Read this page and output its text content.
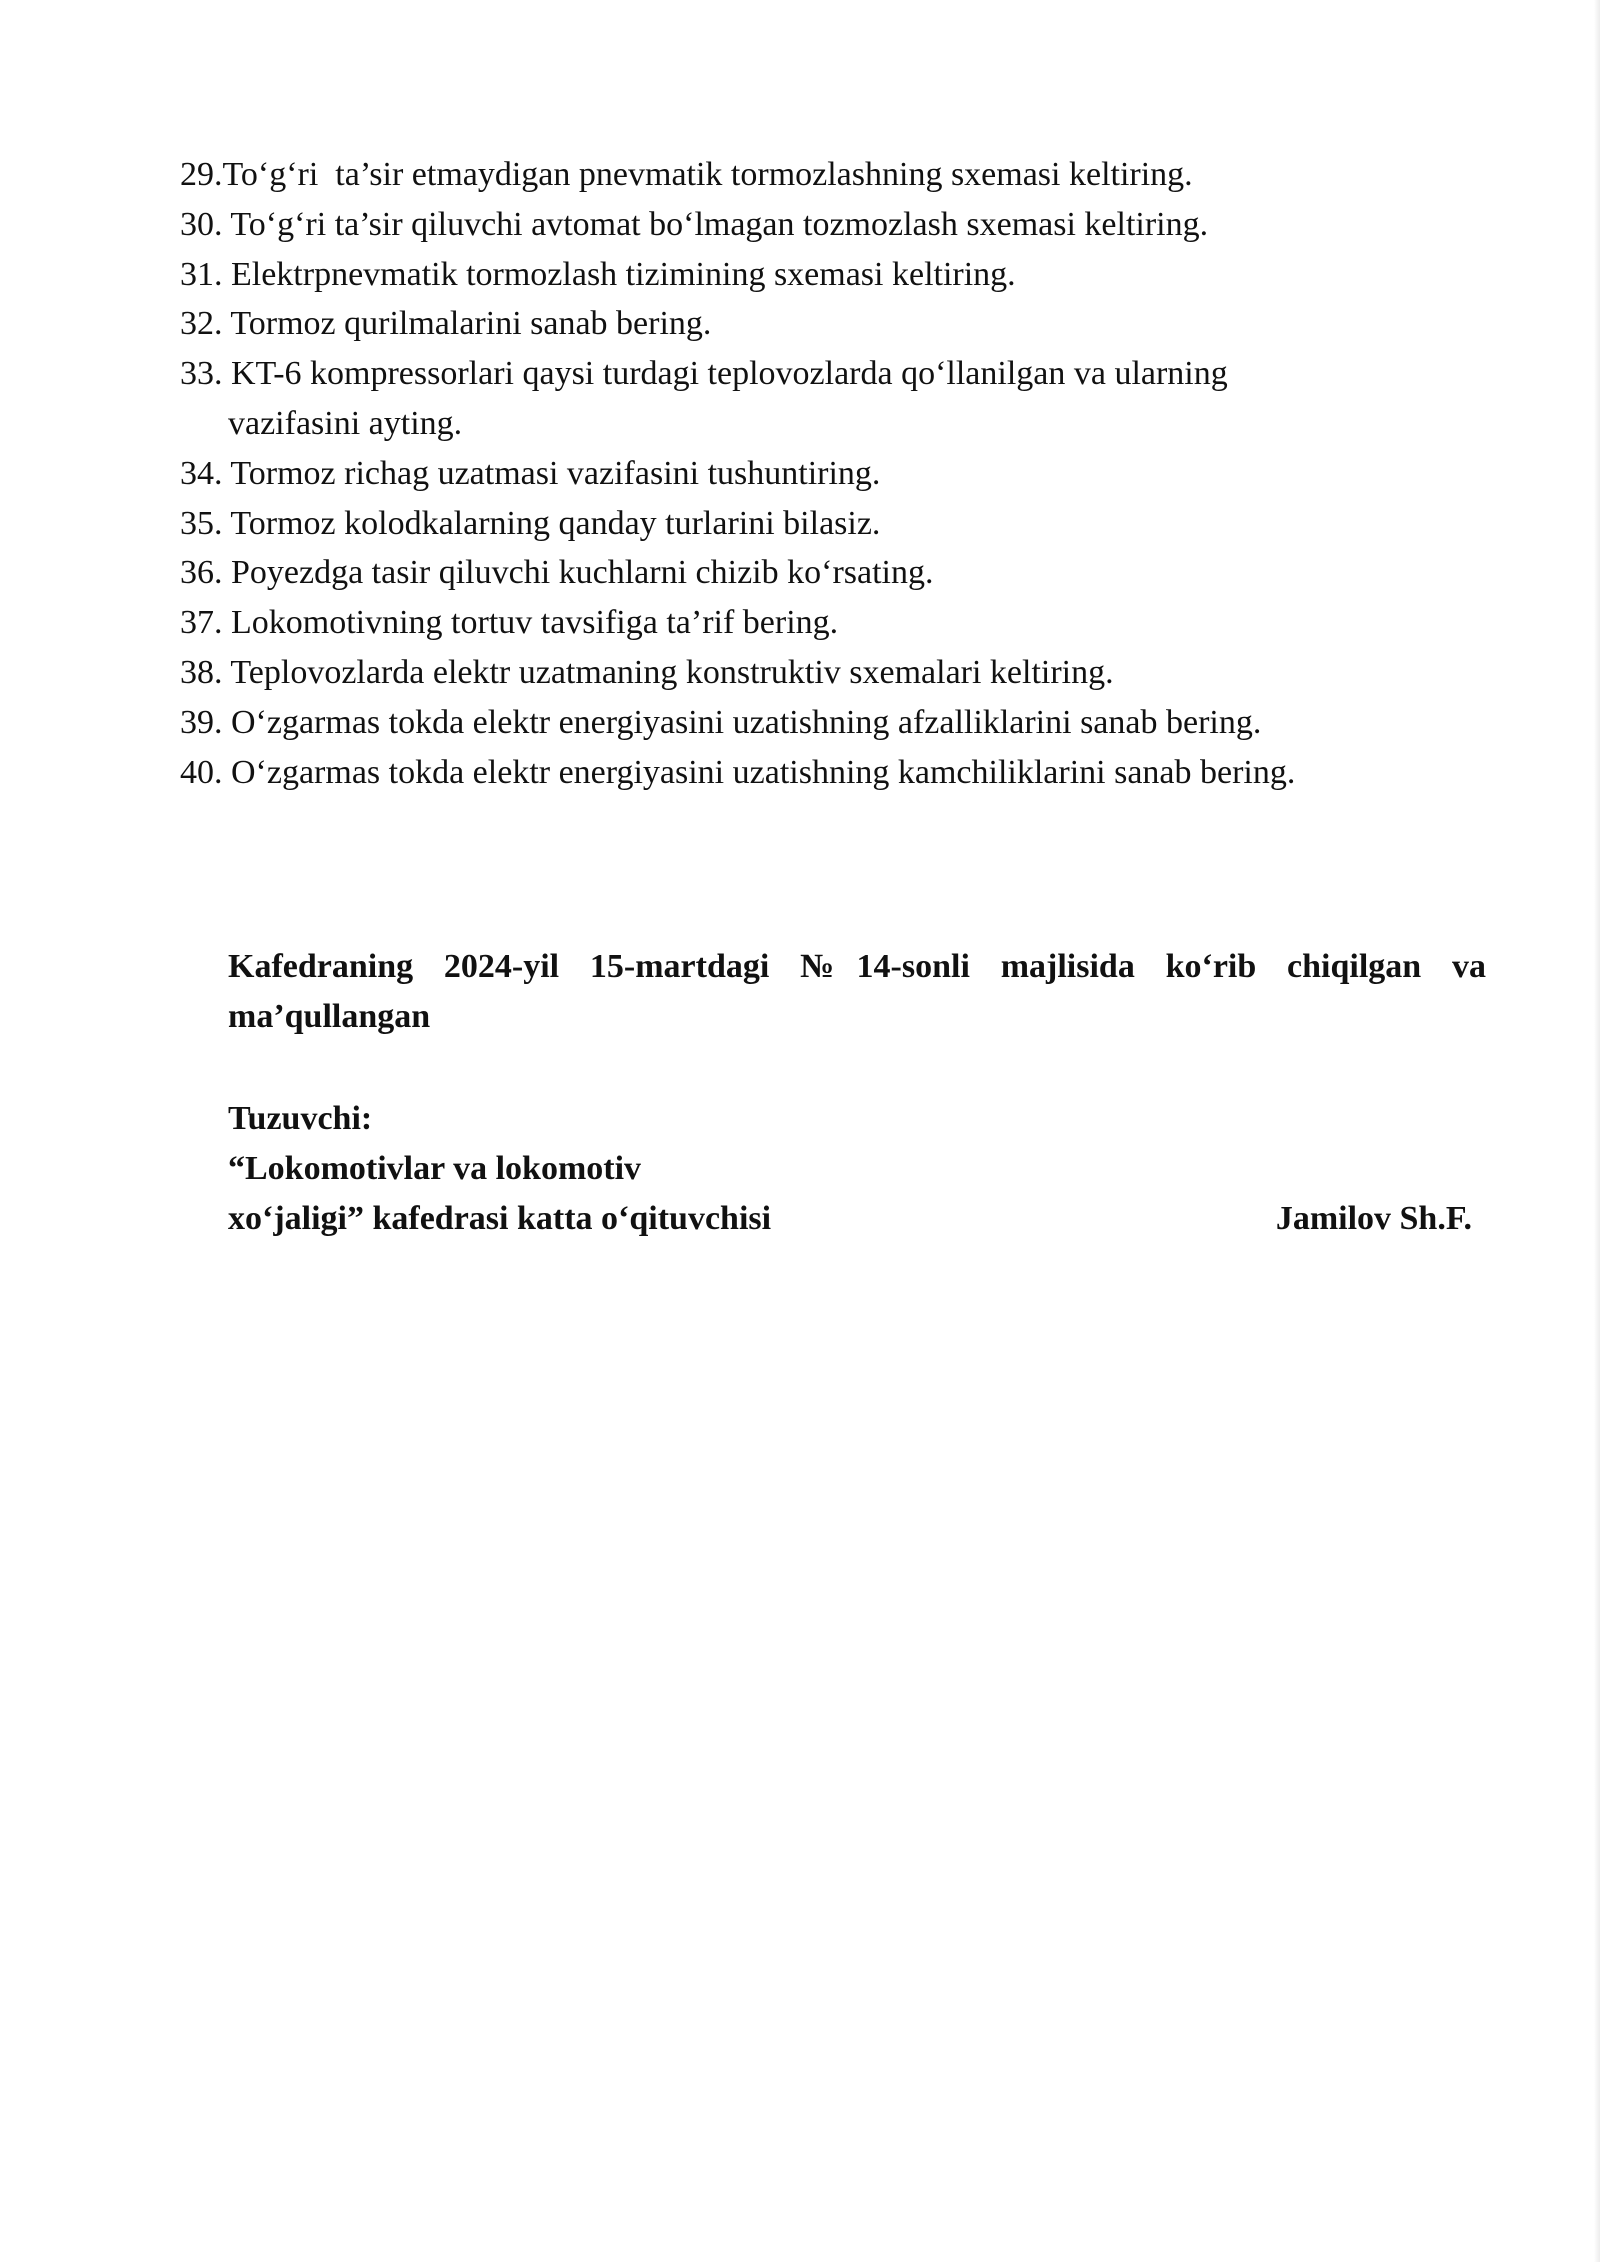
29.To‘g‘ri  ta’sir etmaydigan pnevmatik tormozlashning sxemasi keltiring.
30. To‘g‘ri ta’sir qiluvchi avtomat bo‘lmagan tozmozlash sxemasi keltiring.
31. Elektrpnevmatik tormozlash tizimining sxemasi keltiring.
32. Tormoz qurilmalarini sanab bering.
33. KT-6 kompressorlari qaysi turdagi teplovozlarda qo‘llanilgan va ularning
vazifasini ayting.
34. Tormoz richag uzatmasi vazifasini tushuntiring.
35. Tormoz kolodkalarning qanday turlarini bilasiz.
36. Poyezdga tasir qiluvchi kuchlarni chizib ko‘rsating.
37. Lokomotivning tortuv tavsifiga ta’rif bering.
38. Teplovozlarda elektr uzatmaning konstruktiv sxemalari keltiring.
39. O‘zgarmas tokda elektr energiyasini uzatishning afzalliklarini sanab bering.
40. O‘zgarmas tokda elektr energiyasini uzatishning kamchiliklarini sanab bering.

Kafedraning 2024-yil 15-martdagi №14-sonli majlisida ko‘rib chiqilgan va ma’qullangan

Tuzuvchi:
“Lokomotivlar va lokomotiv
xo‘jaligi” kafedrasi katta o‘qituvchisi	Jamilov Sh.F.
